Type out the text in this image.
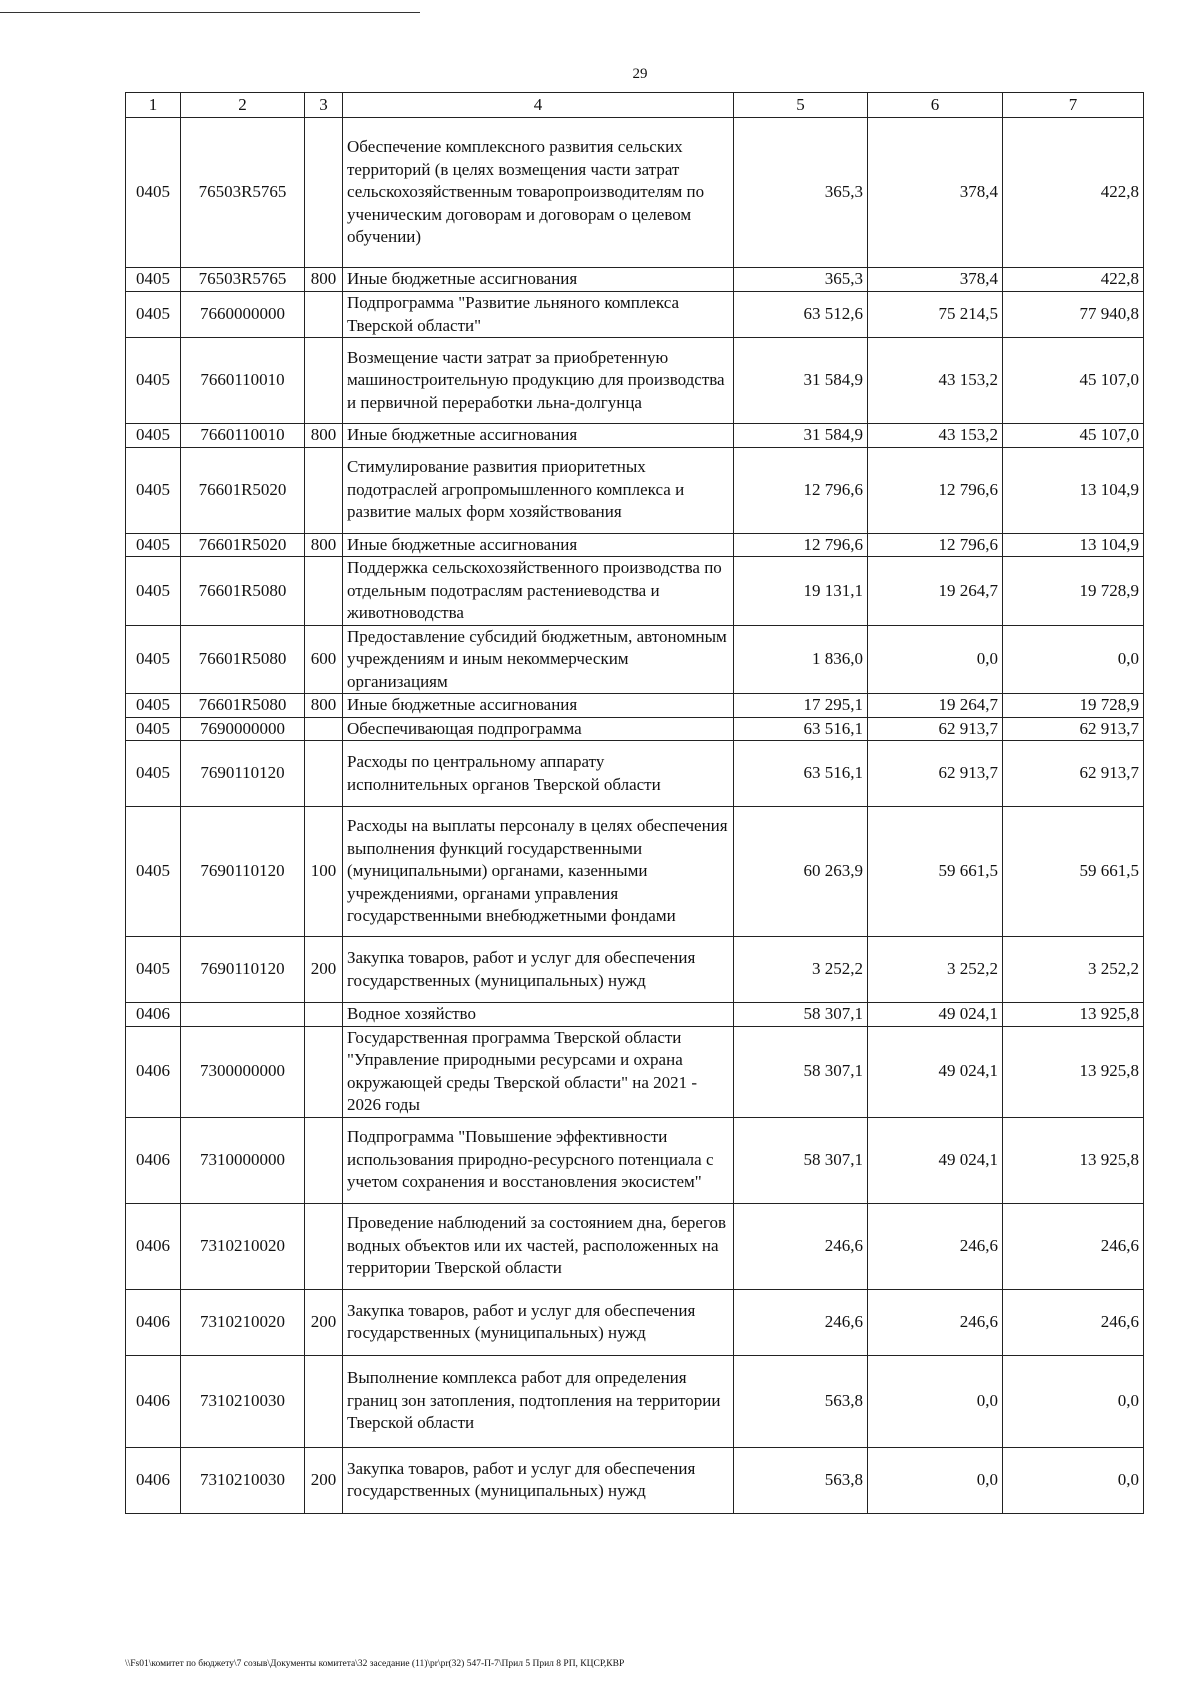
29
1	2	3	4	5	6	7
0405	76503R5765		Обеспечение комплексного развития сельских территорий (в целях возмещения части затрат сельскохозяйственным товаропроизводителям по ученическим договорам и договорам о целевом обучении)	365,3	378,4	422,8
0405	76503R5765	800	Иные бюджетные ассигнования	365,3	378,4	422,8
0405	7660000000		Подпрограмма "Развитие льняного комплекса Тверской области"	63 512,6	75 214,5	77 940,8
0405	7660110010		Возмещение части затрат за приобретенную машиностроительную продукцию для производства и первичной переработки льна-долгунца	31 584,9	43 153,2	45 107,0
0405	7660110010	800	Иные бюджетные ассигнования	31 584,9	43 153,2	45 107,0
0405	76601R5020		Стимулирование развития приоритетных подотраслей агропромышленного комплекса и развитие малых форм хозяйствования	12 796,6	12 796,6	13 104,9
0405	76601R5020	800	Иные бюджетные ассигнования	12 796,6	12 796,6	13 104,9
0405	76601R5080		Поддержка сельскохозяйственного производства по отдельным подотраслям растениеводства и животноводства	19 131,1	19 264,7	19 728,9
0405	76601R5080	600	Предоставление субсидий бюджетным, автономным учреждениям и иным некоммерческим организациям	1 836,0	0,0	0,0
0405	76601R5080	800	Иные бюджетные ассигнования	17 295,1	19 264,7	19 728,9
0405	7690000000		Обеспечивающая подпрограмма	63 516,1	62 913,7	62 913,7
0405	7690110120		Расходы по центральному аппарату исполнительных органов Тверской области	63 516,1	62 913,7	62 913,7
0405	7690110120	100	Расходы на выплаты персоналу в целях обеспечения выполнения функций государственными (муниципальными) органами, казенными учреждениями, органами управления государственными внебюджетными фондами	60 263,9	59 661,5	59 661,5
0405	7690110120	200	Закупка товаров, работ и услуг для обеспечения государственных (муниципальных) нужд	3 252,2	3 252,2	3 252,2
0406			Водное хозяйство	58 307,1	49 024,1	13 925,8
0406	7300000000		Государственная программа Тверской области "Управление природными ресурсами и охрана окружающей среды Тверской области" на 2021 - 2026 годы	58 307,1	49 024,1	13 925,8
0406	7310000000		Подпрограмма "Повышение эффективности использования природно-ресурсного потенциала с учетом сохранения и восстановления экосистем"	58 307,1	49 024,1	13 925,8
0406	7310210020		Проведение наблюдений за состоянием дна, берегов водных объектов или их частей, расположенных на территории Тверской области	246,6	246,6	246,6
0406	7310210020	200	Закупка товаров, работ и услуг для обеспечения государственных (муниципальных) нужд	246,6	246,6	246,6
0406	7310210030		Выполнение комплекса работ для определения границ зон затопления, подтопления на территории Тверской области	563,8	0,0	0,0
0406	7310210030	200	Закупка товаров, работ и услуг для обеспечения государственных (муниципальных) нужд	563,8	0,0	0,0
\\Fs01\комитет по бюджету\7 созыв\Документы комитета\32 заседание (11)\pr\pr(32) 547-П-7\Прил 5 Прил 8 РП, КЦСР,КВР
